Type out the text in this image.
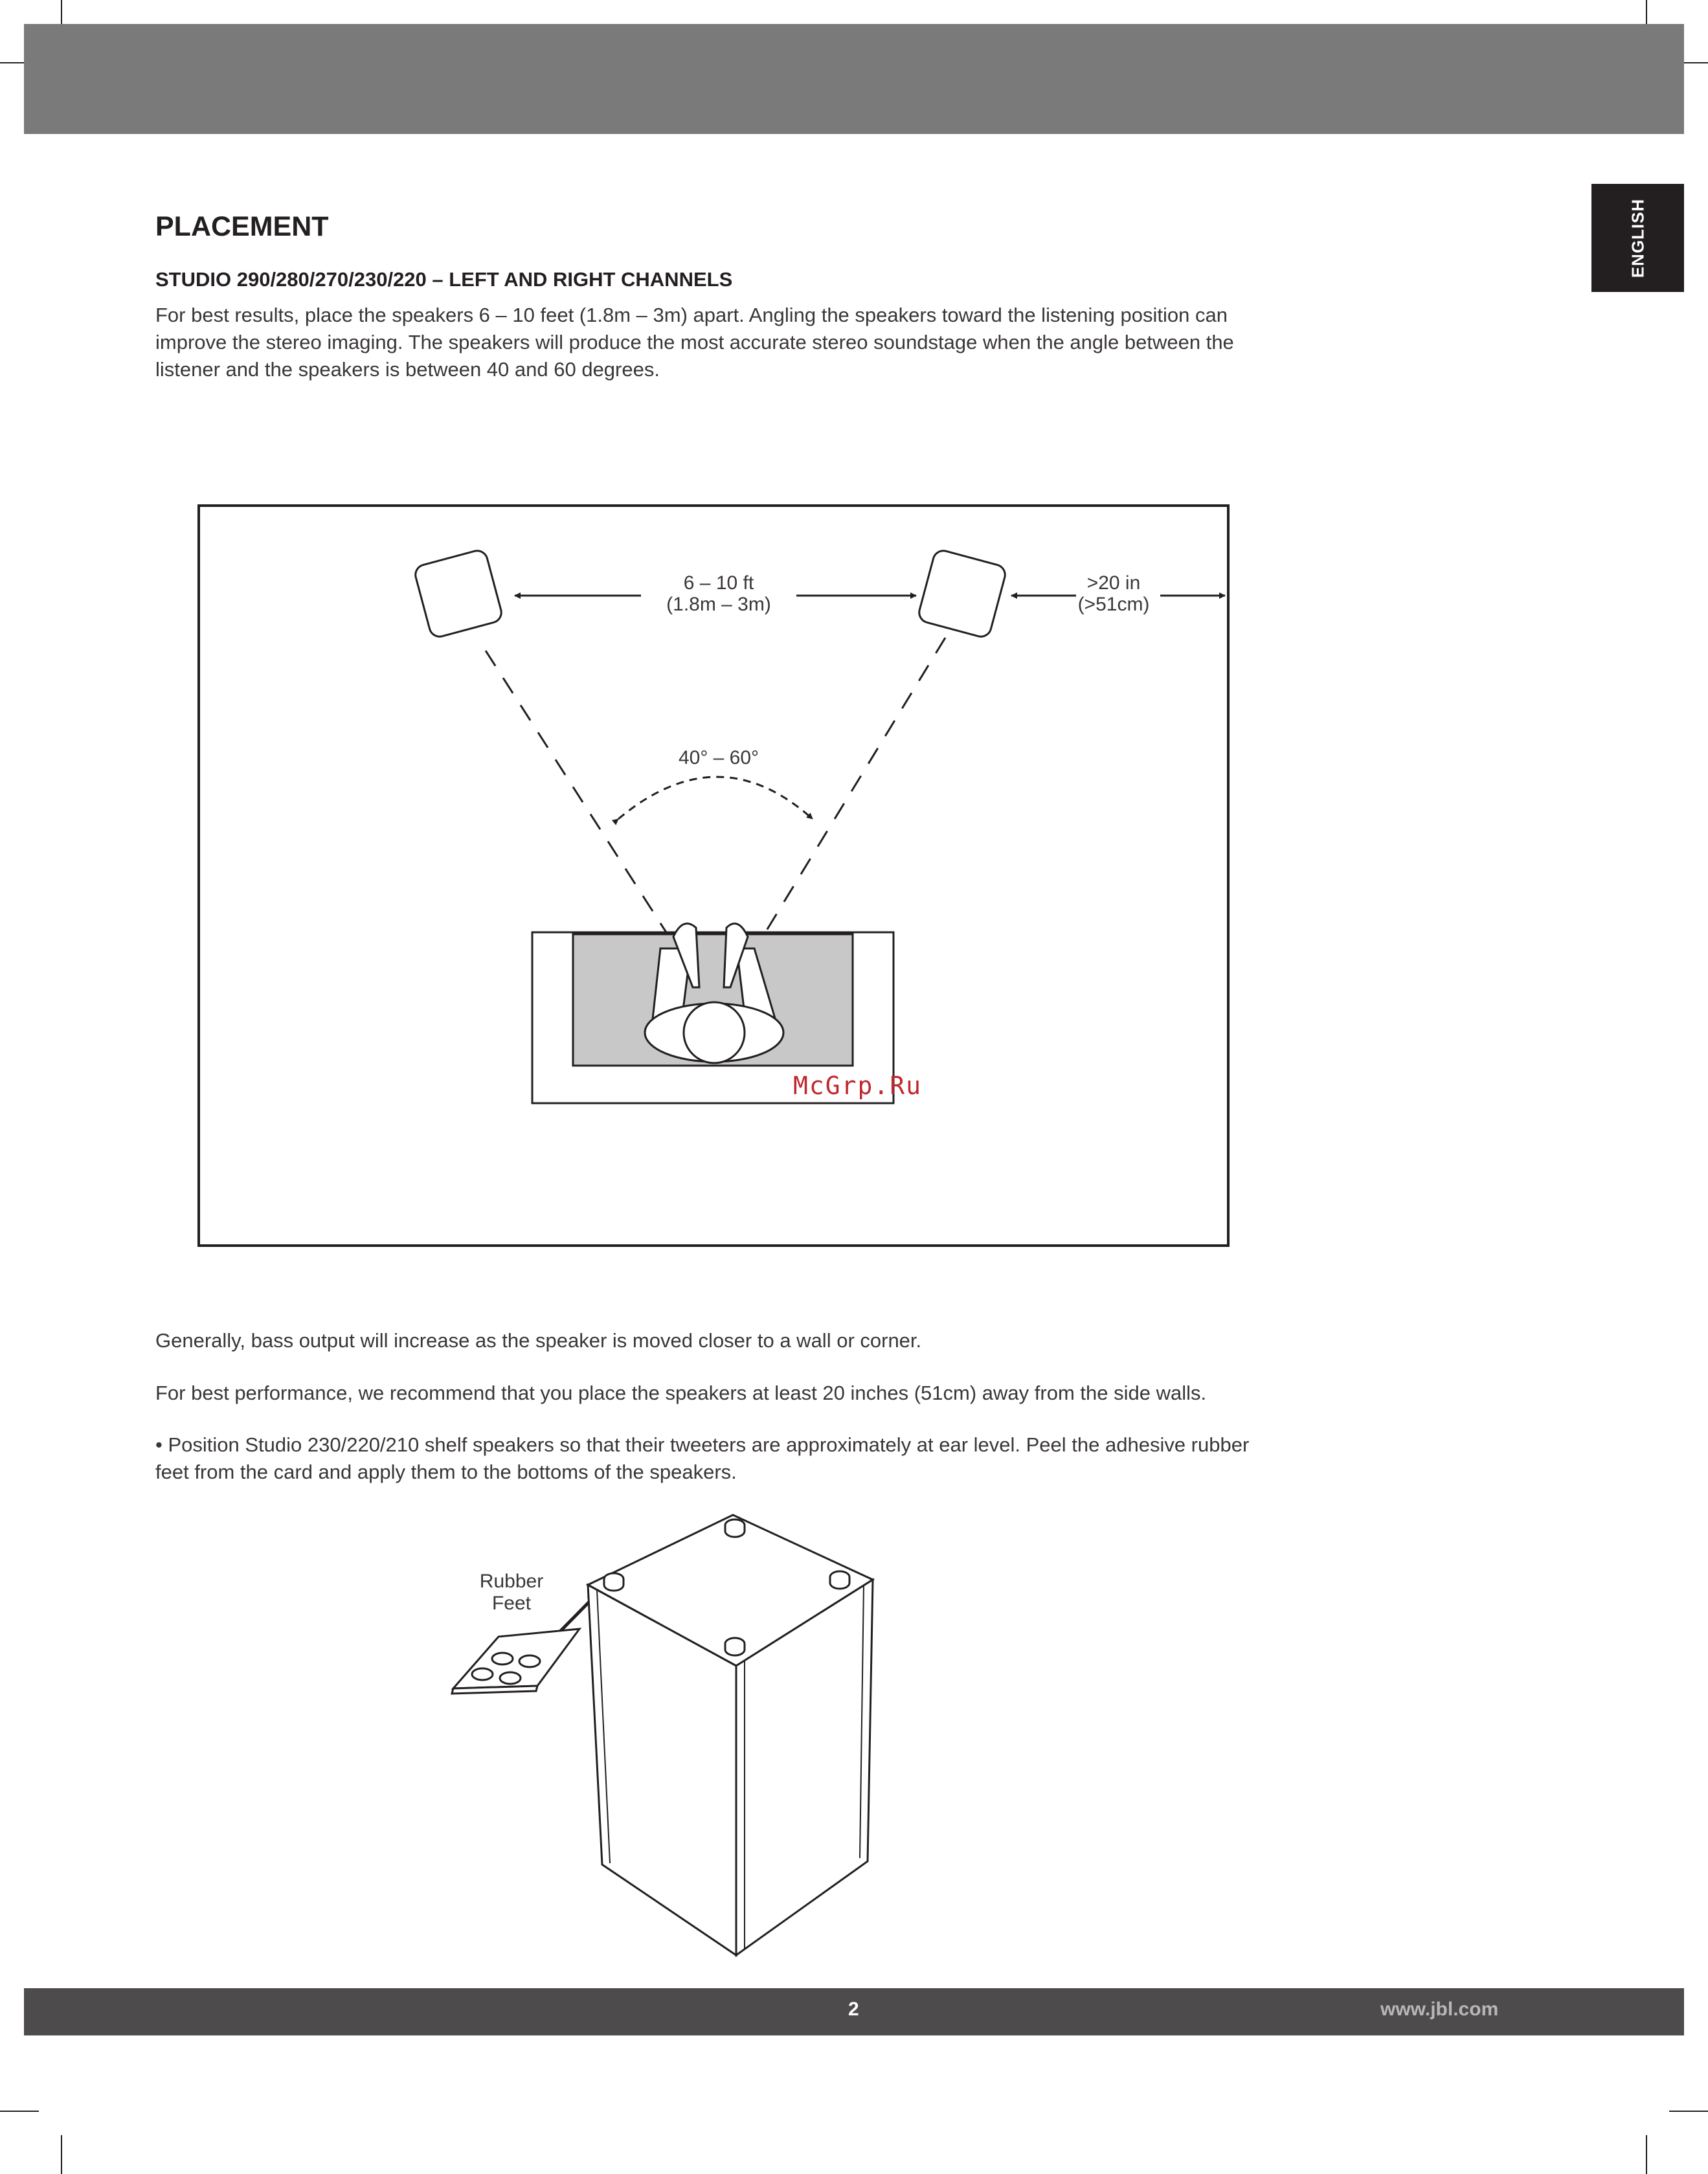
ENGLISH
PLACEMENT
STUDIO 290/280/270/230/220 – LEFT AND RIGHT CHANNELS

For best results, place the speakers 6 – 10 feet (1.8m – 3m) apart. Angling the speakers toward the listening position can improve the stereo imaging. The speakers will produce the most accurate stereo soundstage when the angle between the listener and the speakers is between 40 and 60 degrees.

6 – 10 ft
(1.8m – 3m)
>20 in
(>51cm)
40° – 60°
McGrp.Ru

Generally, bass output will increase as the speaker is moved closer to a wall or corner.

For best performance, we recommend that you place the speakers at least 20 inches (51cm) away from the side walls.

• Position Studio 230/220/210 shelf speakers so that their tweeters are approximately at ear level. Peel the adhesive rubber feet from the card and apply them to the bottoms of the speakers.

Rubber
Feet
2	www.jbl.com
